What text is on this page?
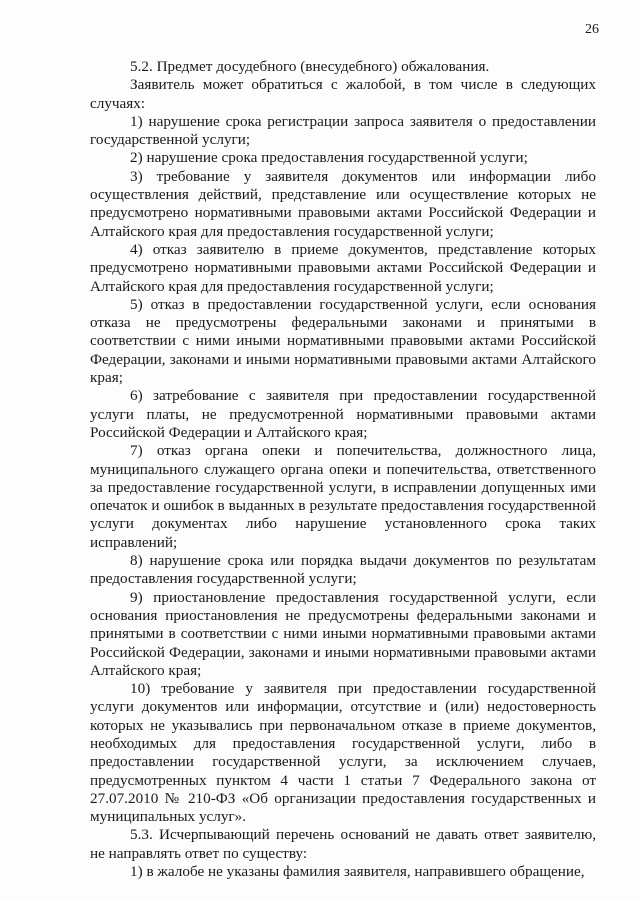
26

5.2. Предмет досудебного (внесудебного) обжалования.

Заявитель может обратиться с жалобой, в том числе в следующих случаях:

1) нарушение срока регистрации запроса заявителя о предоставлении государственной услуги;

2) нарушение срока предоставления государственной услуги;

3) требование у заявителя документов или информации либо осуществления действий, представление или осуществление которых не предусмотрено нормативными правовыми актами Российской Федерации и Алтайского края для предоставления государственной услуги;

4) отказ заявителю в приеме документов, представление которых предусмотрено нормативными правовыми актами Российской Федерации и Алтайского края для предоставления государственной услуги;

5) отказ в предоставлении государственной услуги, если основания отказа не предусмотрены федеральными законами и принятыми в соответствии с ними иными нормативными правовыми актами Российской Федерации, законами и иными нормативными правовыми актами Алтайского края;

6) затребование с заявителя при предоставлении государственной услуги платы, не предусмотренной нормативными правовыми актами Российской Федерации и Алтайского края;

7) отказ органа опеки и попечительства, должностного лица, муниципального служащего органа опеки и попечительства, ответственного за предоставление государственной услуги, в исправлении допущенных ими опечаток и ошибок в выданных в результате предоставления государственной услуги документах либо нарушение установленного срока таких исправлений;

8) нарушение срока или порядка выдачи документов по результатам предоставления государственной услуги;

9) приостановление предоставления государственной услуги, если основания приостановления не предусмотрены федеральными законами и принятыми в соответствии с ними иными нормативными правовыми актами Российской Федерации, законами и иными нормативными правовыми актами Алтайского края;

10) требование у заявителя при предоставлении государственной услуги документов или информации, отсутствие и (или) недостоверность которых не указывались при первоначальном отказе в приеме документов, необходимых для предоставления государственной услуги, либо в предоставлении государственной услуги, за исключением случаев, предусмотренных пунктом 4 части 1 статьи 7 Федерального закона от 27.07.2010 № 210-ФЗ «Об организации предоставления государственных и муниципальных услуг».

5.3. Исчерпывающий перечень оснований не давать ответ заявителю, не направлять ответ по существу:

1) в жалобе не указаны фамилия заявителя, направившего обращение,
